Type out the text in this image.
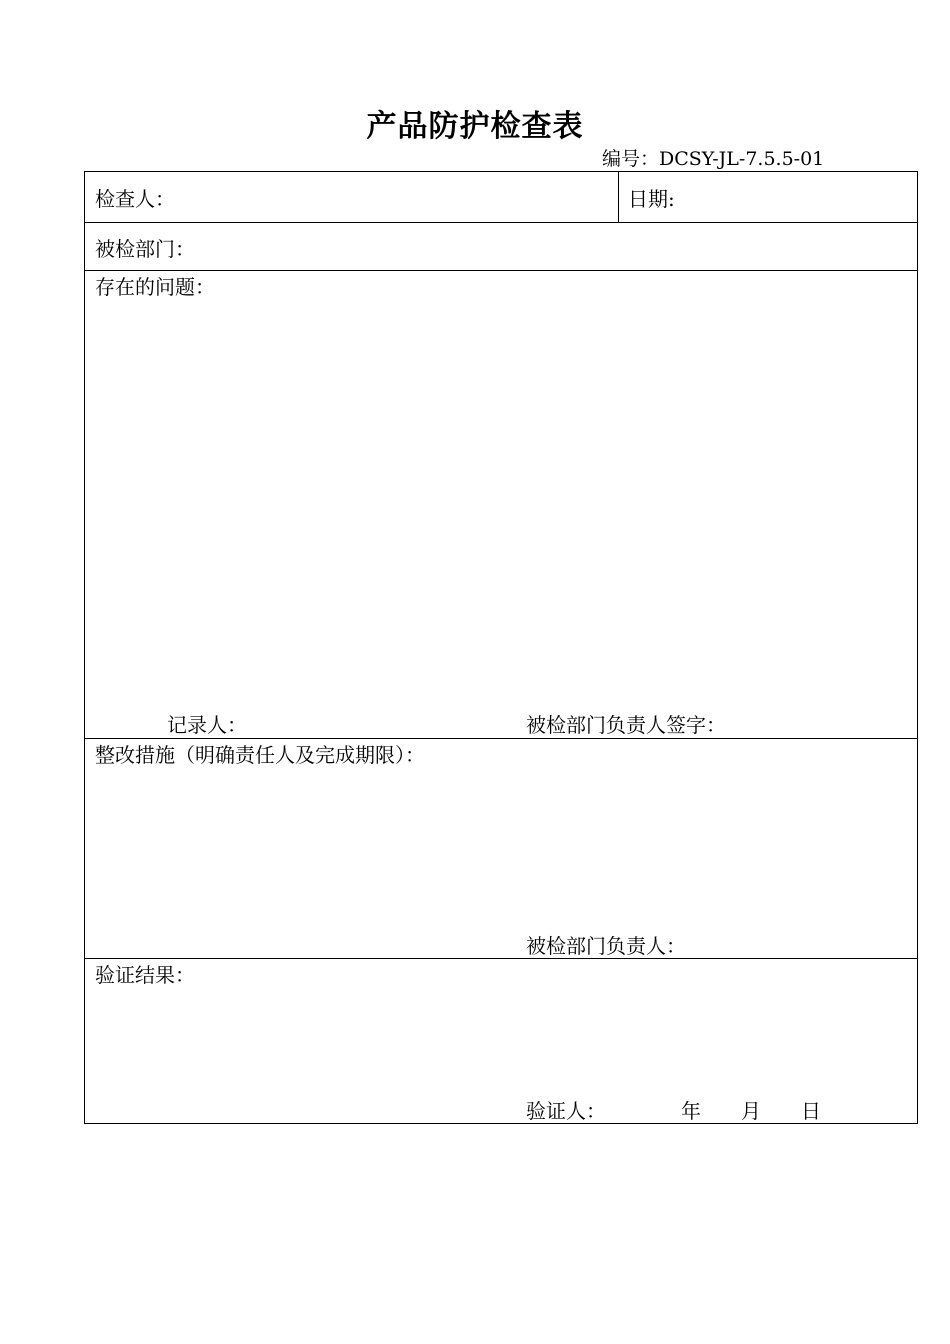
产品防护检查表
编号：DCSY-JL-7.5.5-01
检查人：	日期:
被检部门：
存在的问题：
记录人：	被检部门负责人签字：
整改措施（明确责任人及完成期限）：
被检部门负责人：
验证结果：
验证人：	年 月 日
